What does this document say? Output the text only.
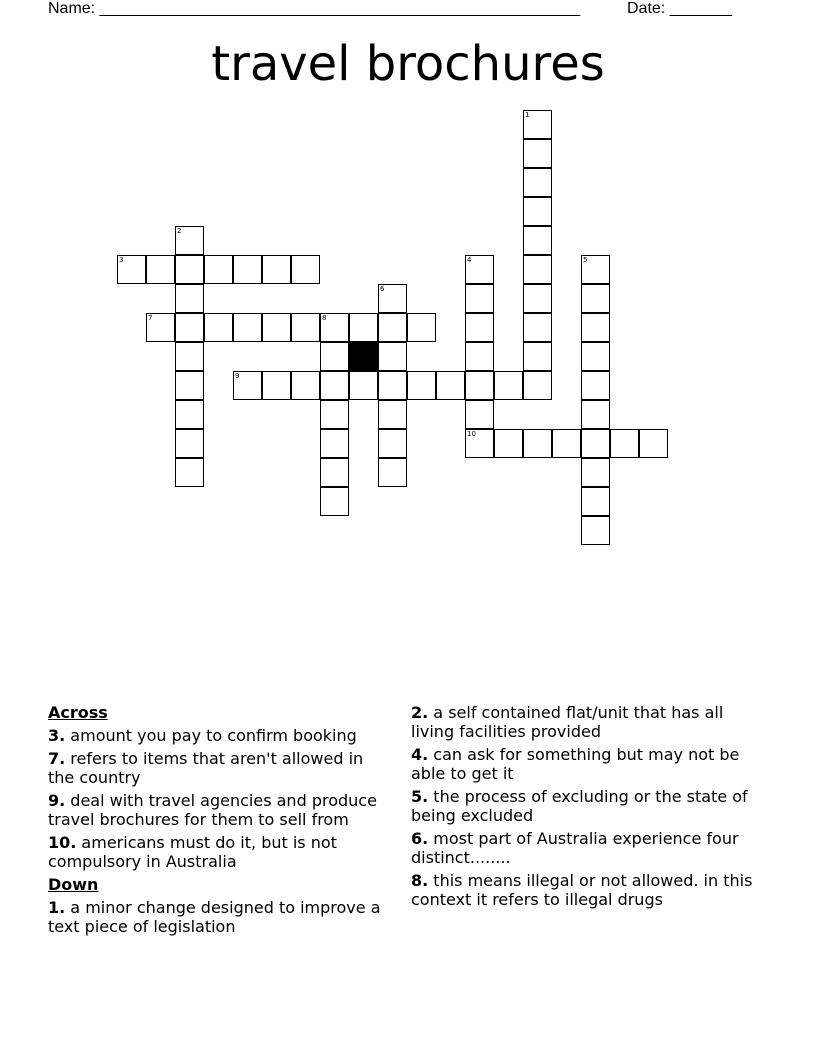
Name: ______________________________________________________	Date: _______
travel brochures
1
2
3	4
10
5
6
7	8
9
Across
3. amount you pay to confirm booking
7. refers to items that aren't allowed in the country
9. deal with travel agencies and produce travel brochures for them to sell from
10. americans must do it, but is not compulsory in Australia
Down
1. a minor change designed to improve a text piece of legislation
2. a self contained flat/unit that has all living facilities provided
4. can ask for something but may not be able to get it
5. the process of excluding or the state of being excluded
6. most part of Australia experience four distinct........
8. this means illegal or not allowed. in this context it refers to illegal drugs
